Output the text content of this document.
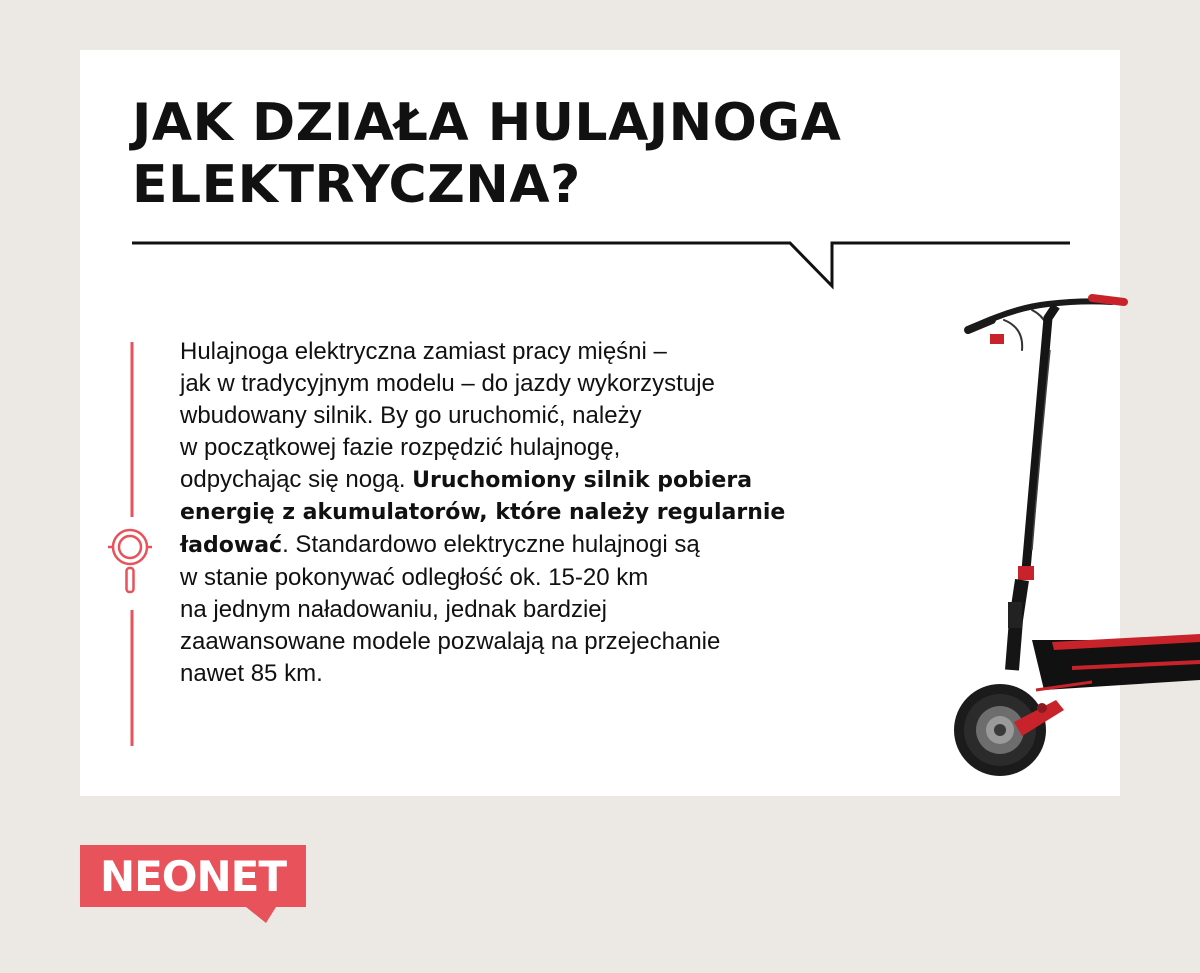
JAK DZIAŁA HULAJNOGA
ELEKTRYCZNA?

Hulajnoga elektryczna zamiast pracy mięśni –
jak w tradycyjnym modelu – do jazdy wykorzystuje
wbudowany silnik. By go uruchomić, należy
w początkowej fazie rozpędzić hulajnogę,
odpychając się nogą. Uruchomiony silnik pobiera
energię z akumulatorów, które należy regularnie
ładować. Standardowo elektryczne hulajnogi są
w stanie pokonywać odległość ok. 15-20 km
na jednym naładowaniu, jednak bardziej
zaawansowane modele pozwalają na przejechanie
nawet 85 km.

NEONET
